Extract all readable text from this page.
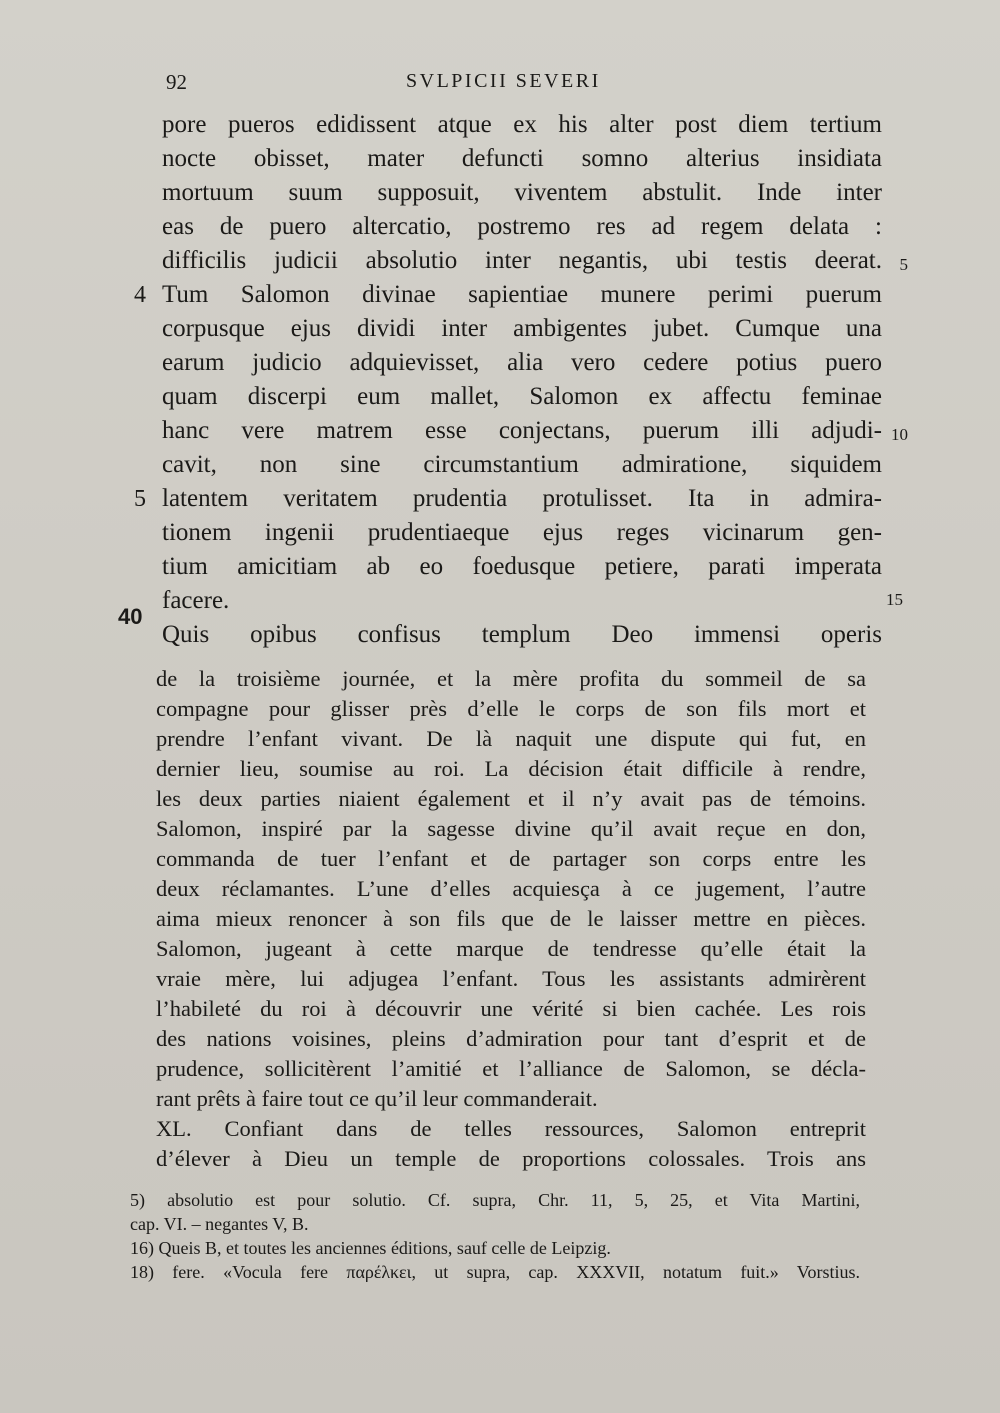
92	SVLPICII SEVERI
pore pueros edidissent atque ex his alter post diem tertium
nocte obisset, mater defuncti somno alterius insidiata
mortuum suum supposuit, viventem abstulit. Inde inter
eas de puero altercatio, postremo res ad regem delata :
difficilis judicii absolutio inter negantis, ubi testis deerat. 5
4 Tum Salomon divinae sapientiae munere perimi puerum
corpusque ejus dividi inter ambigentes jubet. Cumque una
earum judicio adquievisset, alia vero cedere potius puero
quam discerpi eum mallet, Salomon ex affectu feminae
hanc vere matrem esse conjectans, puerum illi adjudi- 10
cavit, non sine circumstantium admiratione, siquidem
5 latentem veritatem prudentia protulisset. Ita in admira-
tionem ingenii prudentiaeque ejus reges vicinarum gen-
tium amicitiam ab eo foedusque petiere, parati imperata
facere.
Quis opibus confisus templum Deo immensi operis
40
15
de la troisième journée, et la mère profita du sommeil de sa
compagne pour glisser près d’elle le corps de son fils mort et
prendre l’enfant vivant. De là naquit une dispute qui fut, en
dernier lieu, soumise au roi. La décision était difficile à rendre,
les deux parties niaient également et il n’y avait pas de témoins.
Salomon, inspiré par la sagesse divine qu’il avait reçue en don,
commanda de tuer l’enfant et de partager son corps entre les
deux réclamantes. L’une d’elles acquiesça à ce jugement, l’autre
aima mieux renoncer à son fils que de le laisser mettre en pièces.
Salomon, jugeant à cette marque de tendresse qu’elle était la
vraie mère, lui adjugea l’enfant. Tous les assistants admirèrent
l’habileté du roi à découvrir une vérité si bien cachée. Les rois
des nations voisines, pleins d’admiration pour tant d’esprit et de
prudence, sollicitèrent l’amitié et l’alliance de Salomon, se décla-
rant prêts à faire tout ce qu’il leur commanderait.
XL. Confiant dans de telles ressources, Salomon entreprit
d’élever à Dieu un temple de proportions colossales. Trois ans
5) absolutio est pour solutio. Cf. supra, Chr. 11, 5, 25, et Vita Martini,
cap. VI. – negantes V, B.
16) Queis B, et toutes les anciennes éditions, sauf celle de Leipzig.
18) fere. «Vocula fere παρέλκει, ut supra, cap. XXXVII, notatum fuit.» Vorstius.
